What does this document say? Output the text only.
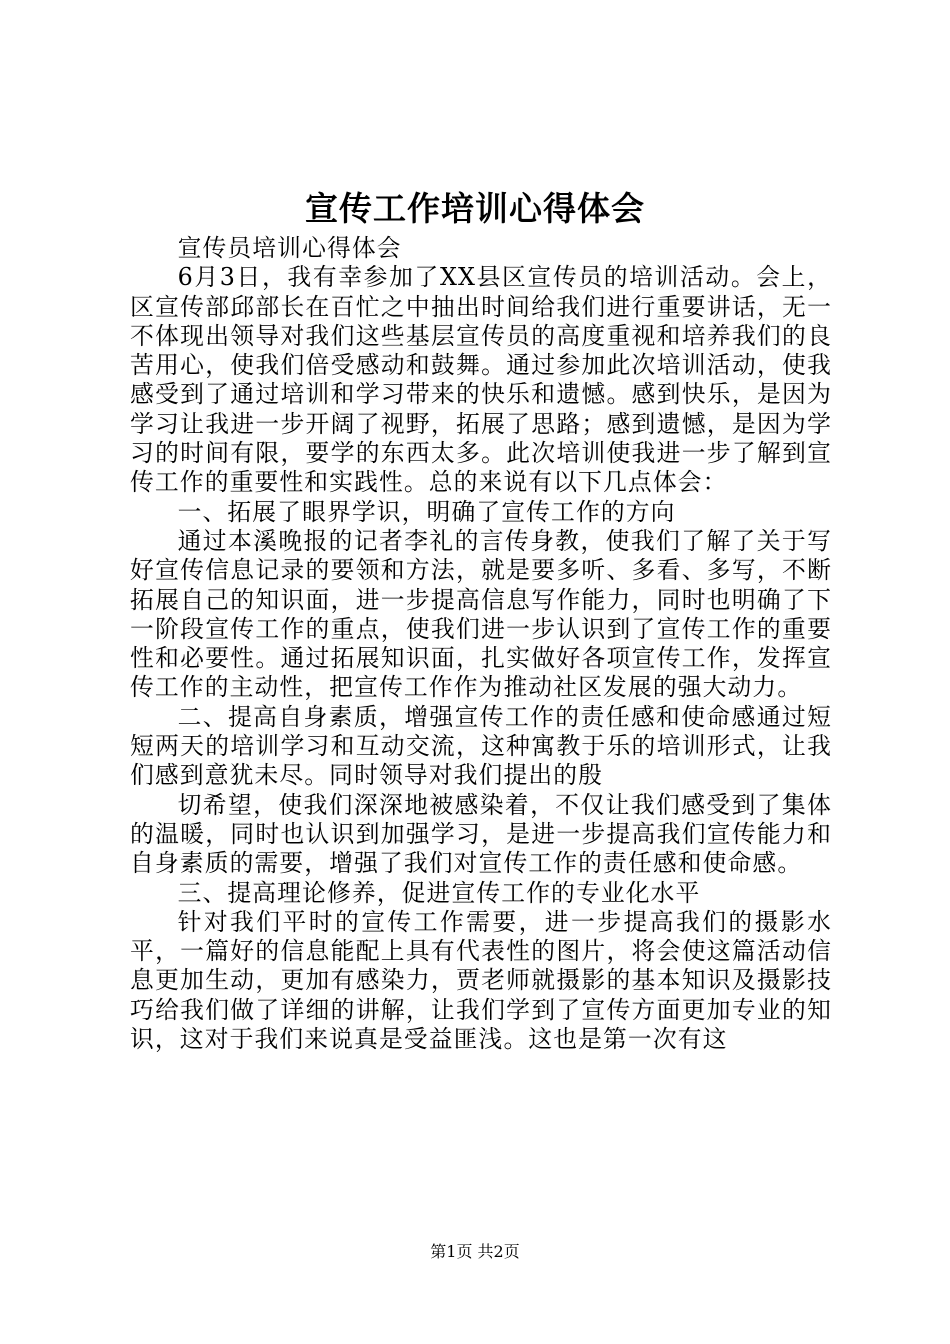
宣传工作培训心得体会

宣传员培训心得体会

6月3日，我有幸参加了XX县区宣传员的培训活动。会上，区宣传部邱部长在百忙之中抽出时间给我们进行重要讲话，无一不体现出领导对我们这些基层宣传员的高度重视和培养我们的良苦用心，使我们倍受感动和鼓舞。通过参加此次培训活动，使我感受到了通过培训和学习带来的快乐和遗憾。感到快乐，是因为学习让我进一步开阔了视野，拓展了思路；感到遗憾，是因为学习的时间有限，要学的东西太多。此次培训使我进一步了解到宣传工作的重要性和实践性。总的来说有以下几点体会：

一、拓展了眼界学识，明确了宣传工作的方向

通过本溪晚报的记者李礼的言传身教，使我们了解了关于写好宣传信息记录的要领和方法，就是要多听、多看、多写，不断拓展自己的知识面，进一步提高信息写作能力，同时也明确了下一阶段宣传工作的重点，使我们进一步认识到了宣传工作的重要性和必要性。通过拓展知识面，扎实做好各项宣传工作，发挥宣传工作的主动性，把宣传工作作为推动社区发展的强大动力。

二、提高自身素质，增强宣传工作的责任感和使命感通过短短两天的培训学习和互动交流，这种寓教于乐的培训形式，让我们感到意犹未尽。同时领导对我们提出的殷

切希望，使我们深深地被感染着，不仅让我们感受到了集体的温暖，同时也认识到加强学习，是进一步提高我们宣传能力和自身素质的需要，增强了我们对宣传工作的责任感和使命感。

三、提高理论修养，促进宣传工作的专业化水平

针对我们平时的宣传工作需要，进一步提高我们的摄影水平，一篇好的信息能配上具有代表性的图片，将会使这篇活动信息更加生动，更加有感染力，贾老师就摄影的基本知识及摄影技巧给我们做了详细的讲解，让我们学到了宣传方面更加专业的知识，这对于我们来说真是受益匪浅。这也是第一次有这

第1页 共2页
